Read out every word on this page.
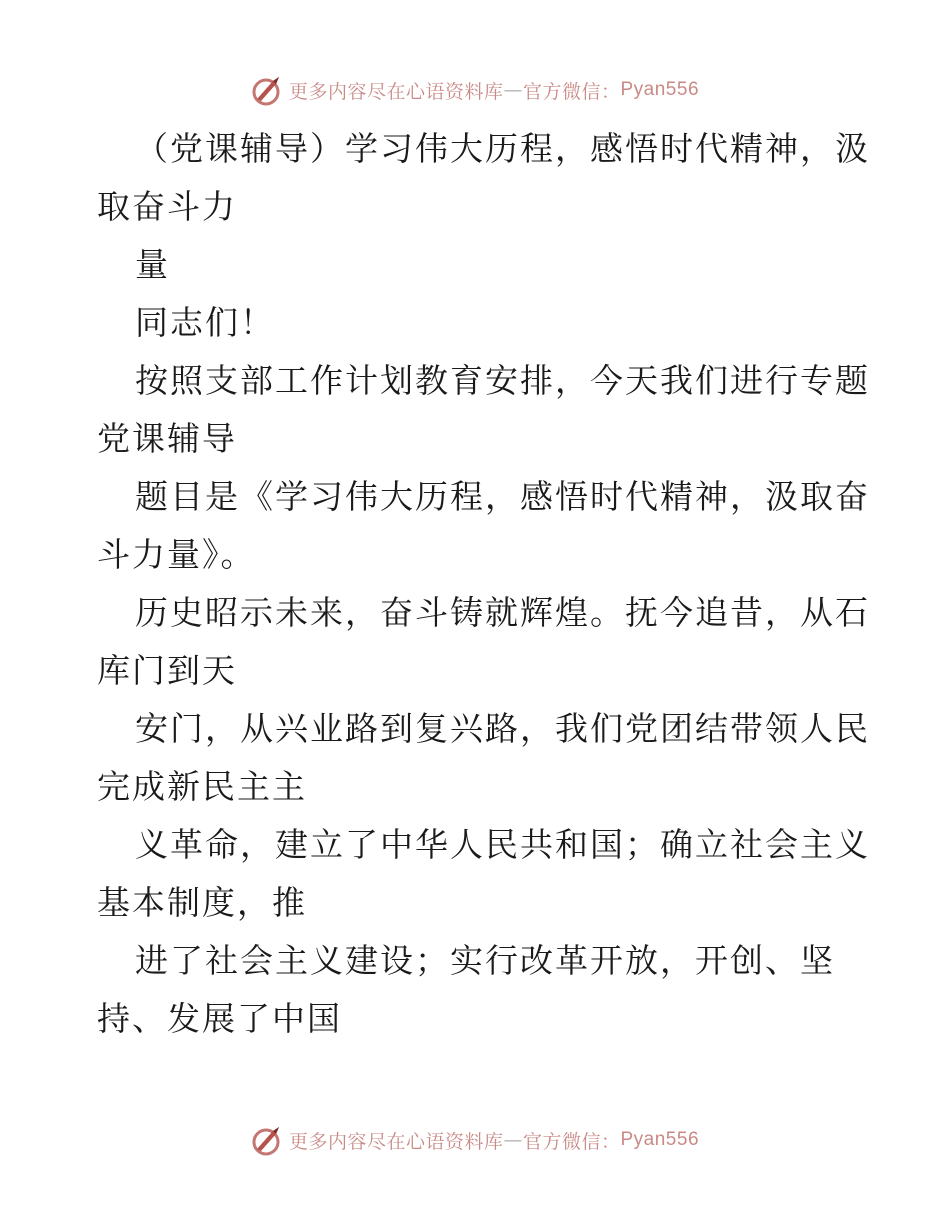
更多内容尽在心语资料库 — 官方微信： Pyan556
（党课辅导）学习伟大历程，感悟时代精神，汲
取奋斗力
量
同志们！
按照支部工作计划教育安排，今天我们进行专题
党课辅导
题目是《学习伟大历程，感悟时代精神，汲取奋
斗力量》。
历史昭示未来，奋斗铸就辉煌。抚今追昔，从石
库门到天
安门，从兴业路到复兴路，我们党团结带领人民
完成新民主主
义革命，建立了中华人民共和国；确立社会主义
基本制度，推
进了社会主义建设；实行改革开放，开创、坚
持、发展了中国
更多内容尽在心语资料库 — 官方微信： Pyan556
